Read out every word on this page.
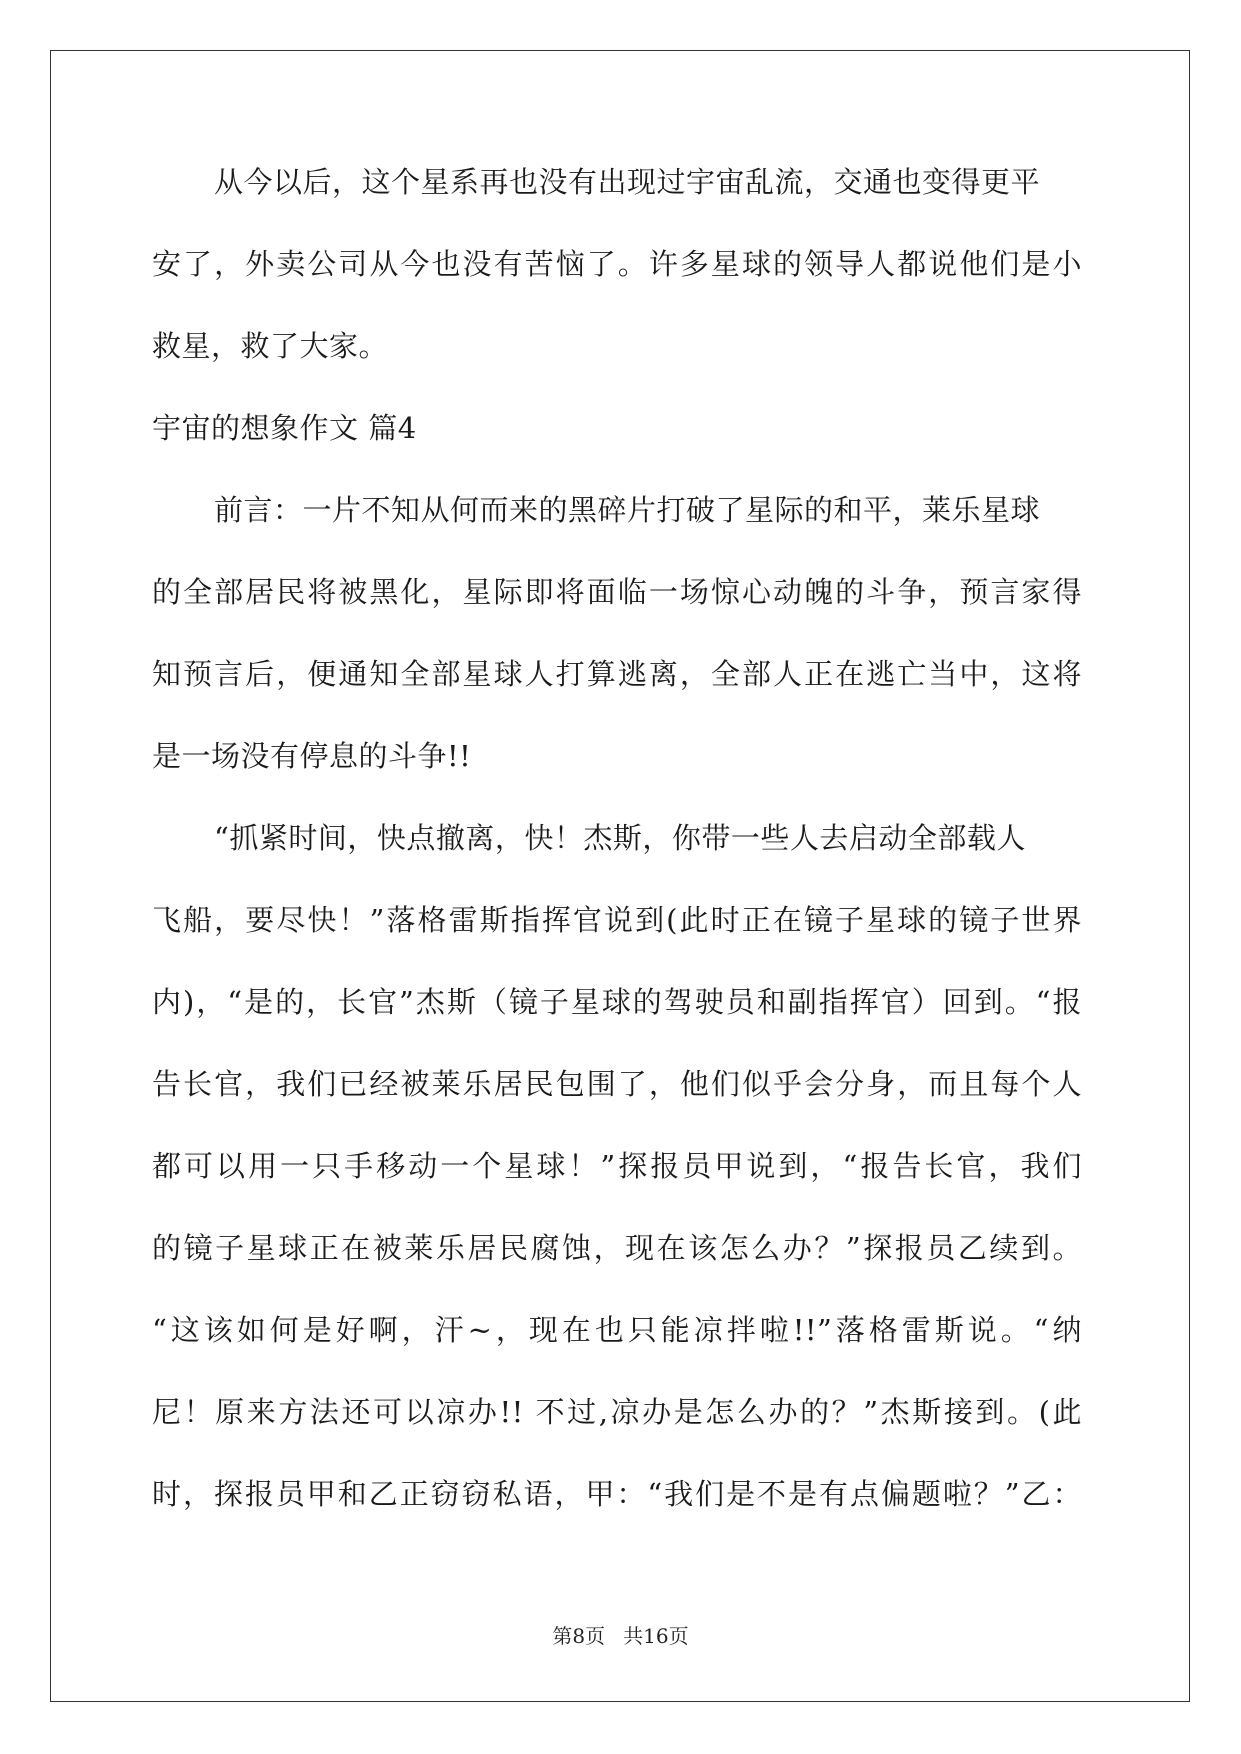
从今以后，这个星系再也没有出现过宇宙乱流，交通也变得更平
安了，外卖公司从今也没有苦恼了。许多星球的领导人都说他们是小
救星，救了大家。
宇宙的想象作文 篇4
前言：一片不知从何而来的黑碎片打破了星际的和平，莱乐星球
的全部居民将被黑化，星际即将面临一场惊心动魄的斗争，预言家得
知预言后，便通知全部星球人打算逃离，全部人正在逃亡当中，这将
是一场没有停息的斗争!!
“抓紧时间，快点撤离，快！杰斯，你带一些人去启动全部载人
飞船，要尽快！”落格雷斯指挥官说到(此时正在镜子星球的镜子世界
内)，“是的，长官”杰斯（镜子星球的驾驶员和副指挥官）回到。“报
告长官，我们已经被莱乐居民包围了，他们似乎会分身，而且每个人
都可以用一只手移动一个星球！”探报员甲说到，“报告长官，我们
的镜子星球正在被莱乐居民腐蚀，现在该怎么办？”探报员乙续到。
“这该如何是好啊，汗~，现在也只能凉拌啦!!”落格雷斯说。“纳
尼！原来方法还可以凉办!! 不过,凉办是怎么办的？”杰斯接到。(此
时，探报员甲和乙正窃窃私语，甲：“我们是不是有点偏题啦？”乙：
第8页 共16页
